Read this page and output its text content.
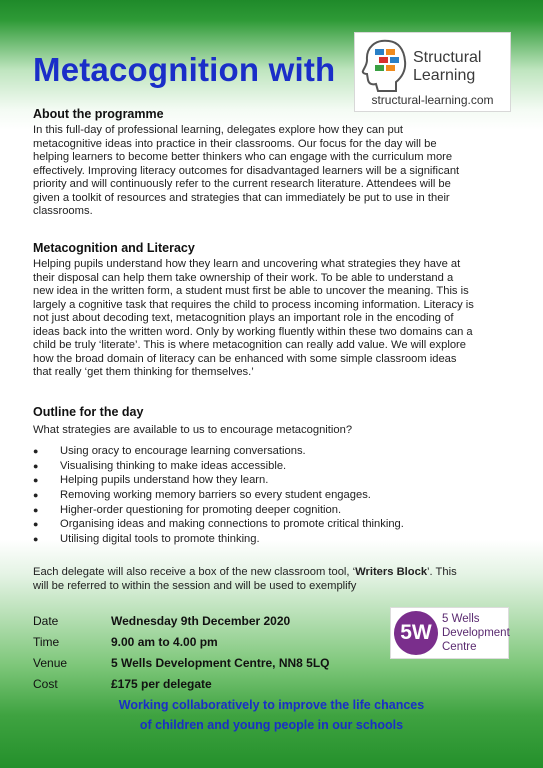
Metacognition with	Structural
Learning
structural-learning.com
About the programme
In this full-day of professional learning, delegates explore how they can put
metacognitive ideas into practice in their classrooms. Our focus for the day will be
helping learners to become better thinkers who can engage with the curriculum more
effectively. Improving literacy outcomes for disadvantaged learners will be a significant
priority and will continuously refer to the current research literature. Attendees will be
given a toolkit of resources and strategies that can immediately be put to use in their
classrooms.
Metacognition and Literacy
Helping pupils understand how they learn and uncovering what strategies they have at
their disposal can help them take ownership of their work. To be able to understand a
new idea in the written form, a student must first be able to uncover the meaning. This is
largely a cognitive task that requires the child to process incoming information. Literacy is
not just about decoding text, metacognition plays an important role in the encoding of
ideas back into the written word. Only by working fluently within these two domains can a
child be truly ‘literate’. This is where metacognition can really add value. We will explore
how the broad domain of literacy can be enhanced with some simple classroom ideas
that really ‘get them thinking for themselves.’
Outline for the day
What strategies are available to us to encourage metacognition?
● Using oracy to encourage learning conversations.
● Visualising thinking to make ideas accessible.
● Helping pupils understand how they learn.
● Removing working memory barriers so every student engages.
● Higher-order questioning for promoting deeper cognition.
● Organising ideas and making connections to promote critical thinking.
● Utilising digital tools to promote thinking.
Each delegate will also receive a box of the new classroom tool, ‘Writers Block’. This
will be referred to within the session and will be used to exemplify
Date	Wednesday 9th December 2020
Time	9.00 am to 4.00 pm
Venue	5 Wells Development Centre, NN8 5LQ
Cost	£175 per delegate
5W
5 Wells
Development
Centre

Working collaboratively to improve the life chances

of children and young people in our schools
